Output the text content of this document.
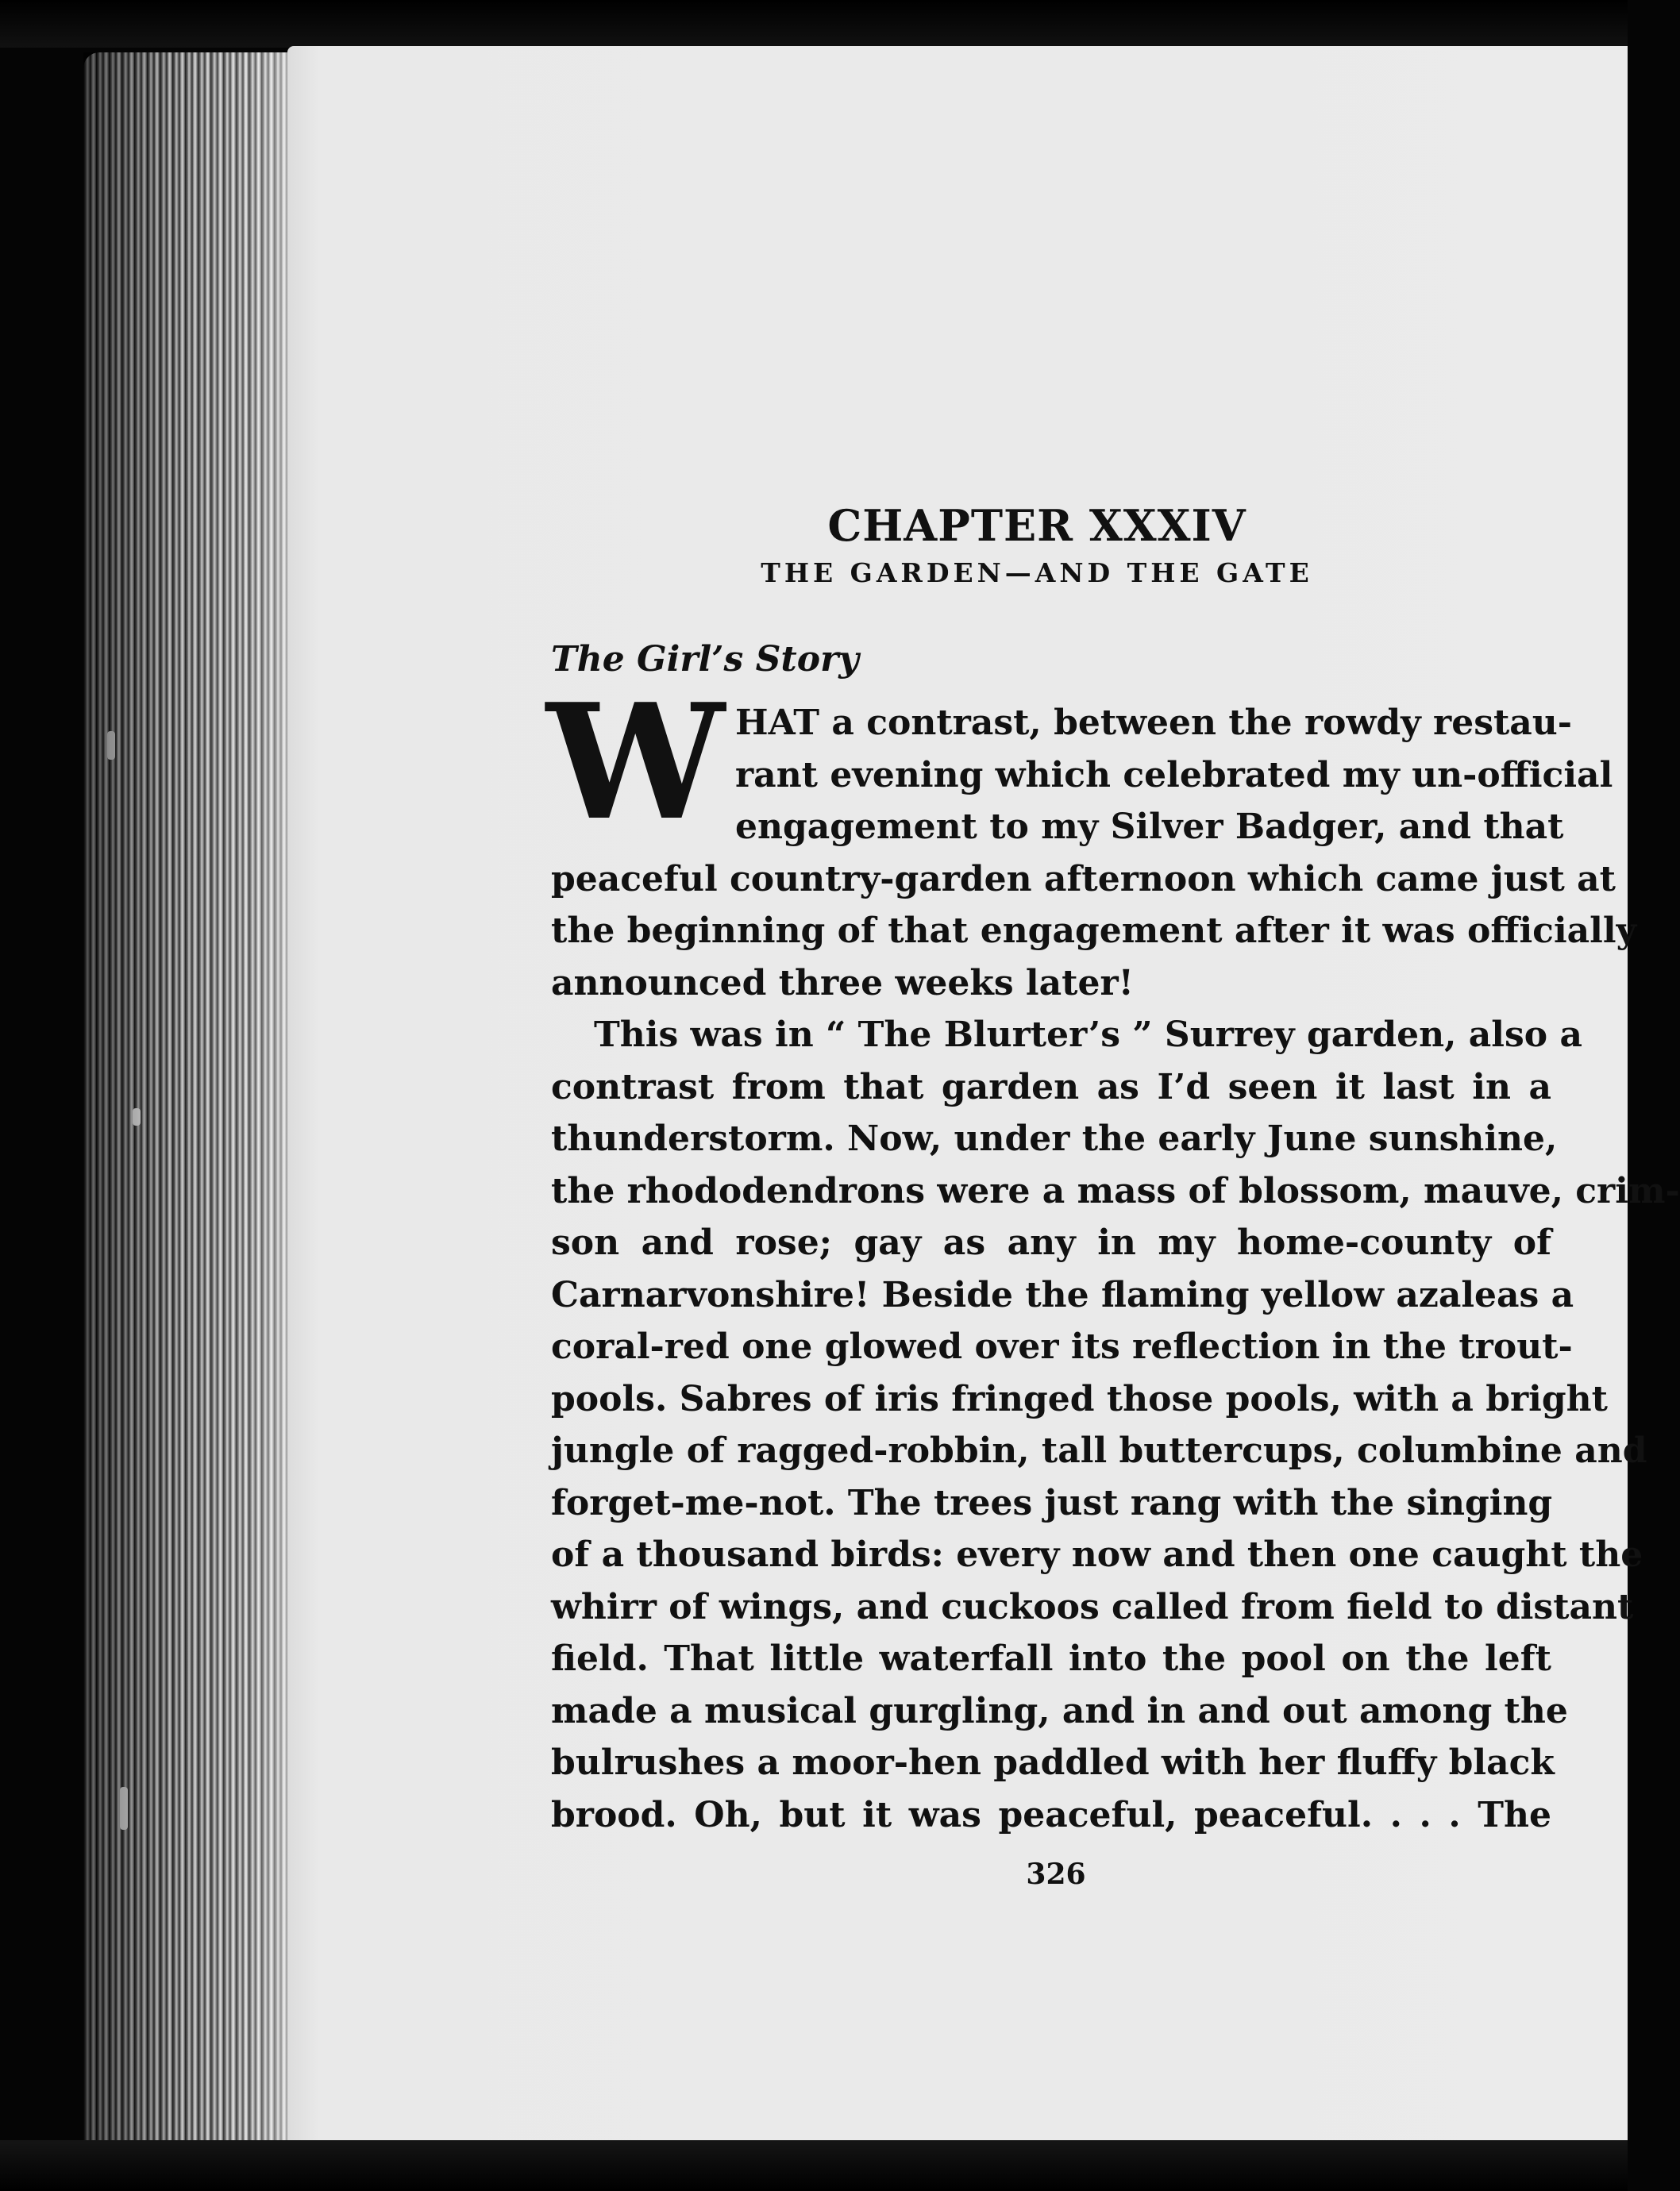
CHAPTER XXXIV
THE GARDEN—AND THE GATE
The Girl’s Story
W HAT a contrast, between the rowdy restau-
rant evening which celebrated my un-official
engagement to my Silver Badger, and that
peaceful country-garden afternoon which came just at
the beginning of that engagement after it was officially
announced three weeks later!
This was in “ The Blurter’s ” Surrey garden, also a
contrast from that garden as I’d seen it last in a
thunderstorm. Now, under the early June sunshine,
the rhododendrons were a mass of blossom, mauve, crim-
son and rose; gay as any in my home-county of
Carnarvonshire! Beside the flaming yellow azaleas a
coral-red one glowed over its reflection in the trout-
pools. Sabres of iris fringed those pools, with a bright
jungle of ragged-robbin, tall buttercups, columbine and
forget-me-not. The trees just rang with the singing
of a thousand birds: every now and then one caught the
whirr of wings, and cuckoos called from field to distant
field. That little waterfall into the pool on the left
made a musical gurgling, and in and out among the
bulrushes a moor-hen paddled with her fluffy black
brood. Oh, but it was peaceful, peaceful. . . . The

326
